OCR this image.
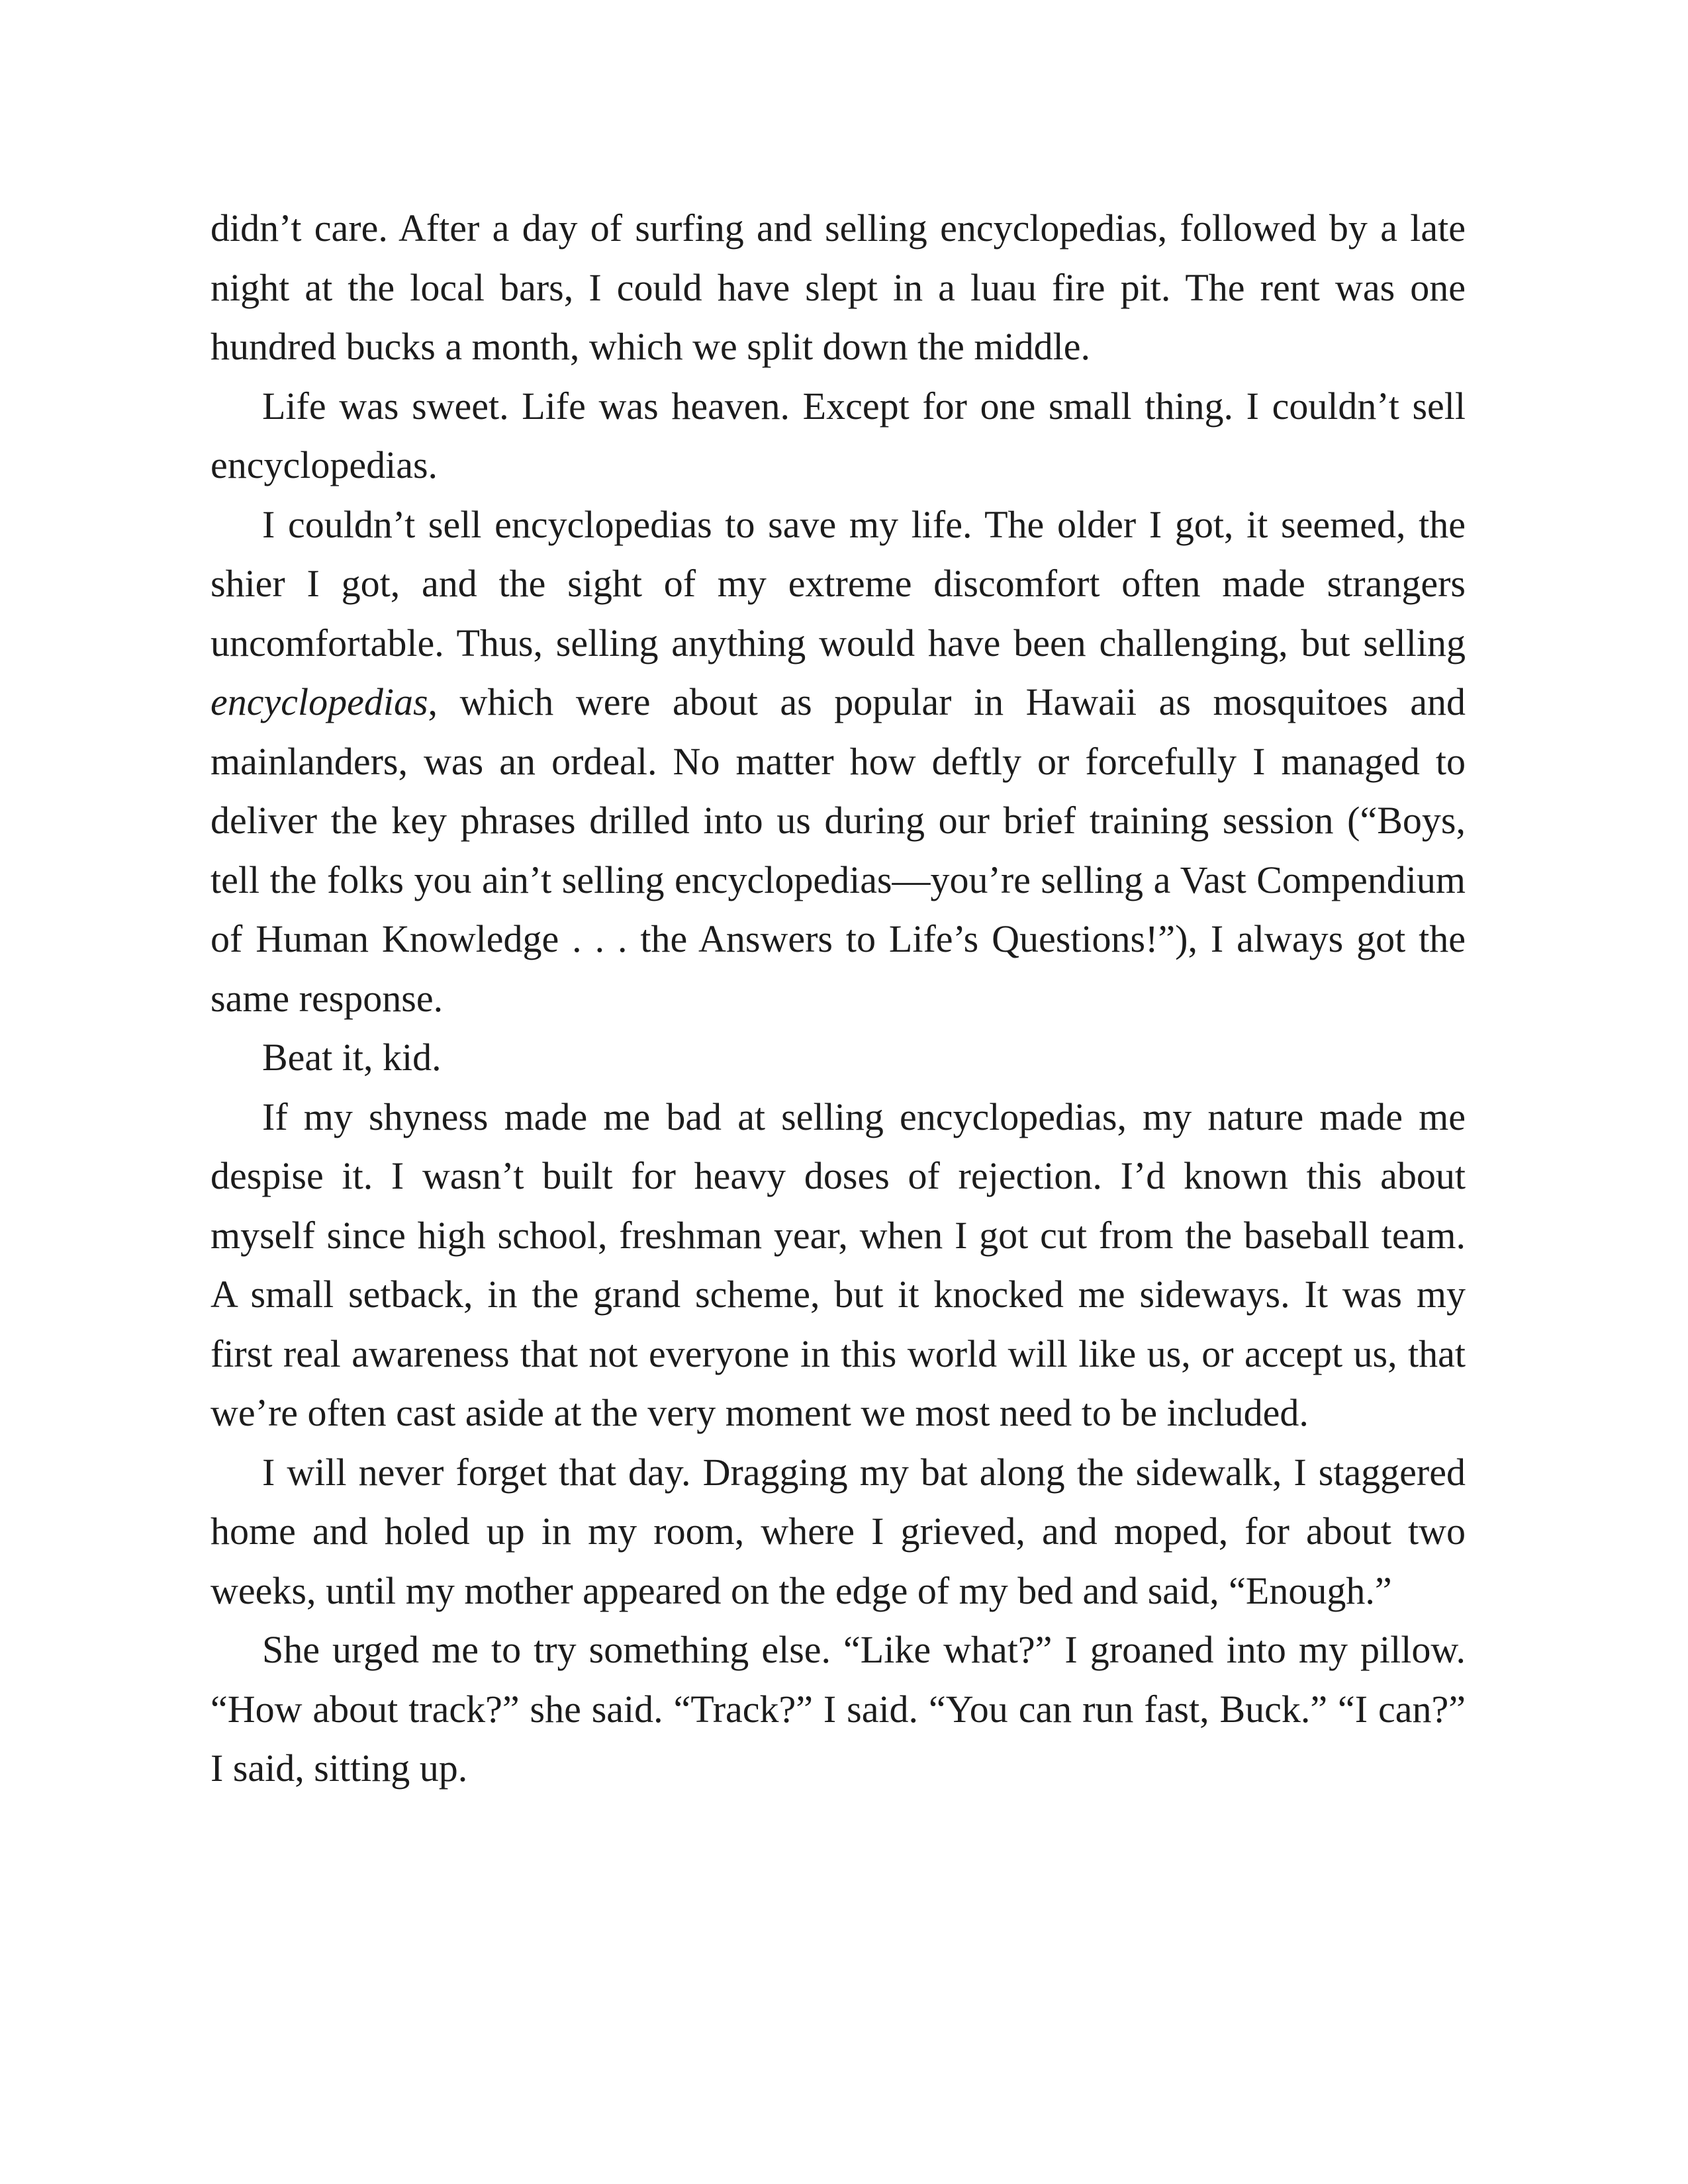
didn’t care. After a day of surfing and selling encyclopedias, followed by a late night at the local bars, I could have slept in a luau fire pit. The rent was one hundred bucks a month, which we split down the middle.

Life was sweet. Life was heaven. Except for one small thing. I couldn’t sell encyclopedias.

I couldn’t sell encyclopedias to save my life. The older I got, it seemed, the shier I got, and the sight of my extreme discomfort often made strangers uncomfortable. Thus, selling anything would have been challenging, but selling encyclopedias, which were about as popular in Hawaii as mosquitoes and mainlanders, was an ordeal. No matter how deftly or forcefully I managed to deliver the key phrases drilled into us during our brief training session (“Boys, tell the folks you ain’t selling encyclopedias—you’re selling a Vast Compendium of Human Knowledge . . . the Answers to Life’s Questions!”), I always got the same response.

Beat it, kid.

If my shyness made me bad at selling encyclopedias, my nature made me despise it. I wasn’t built for heavy doses of rejection. I’d known this about myself since high school, freshman year, when I got cut from the baseball team. A small setback, in the grand scheme, but it knocked me sideways. It was my first real awareness that not everyone in this world will like us, or accept us, that we’re often cast aside at the very moment we most need to be included.

I will never forget that day. Dragging my bat along the sidewalk, I staggered home and holed up in my room, where I grieved, and moped, for about two weeks, until my mother appeared on the edge of my bed and said, “Enough.”

She urged me to try something else. “Like what?” I groaned into my pillow. “How about track?” she said. “Track?” I said. “You can run fast, Buck.” “I can?” I said, sitting up.
